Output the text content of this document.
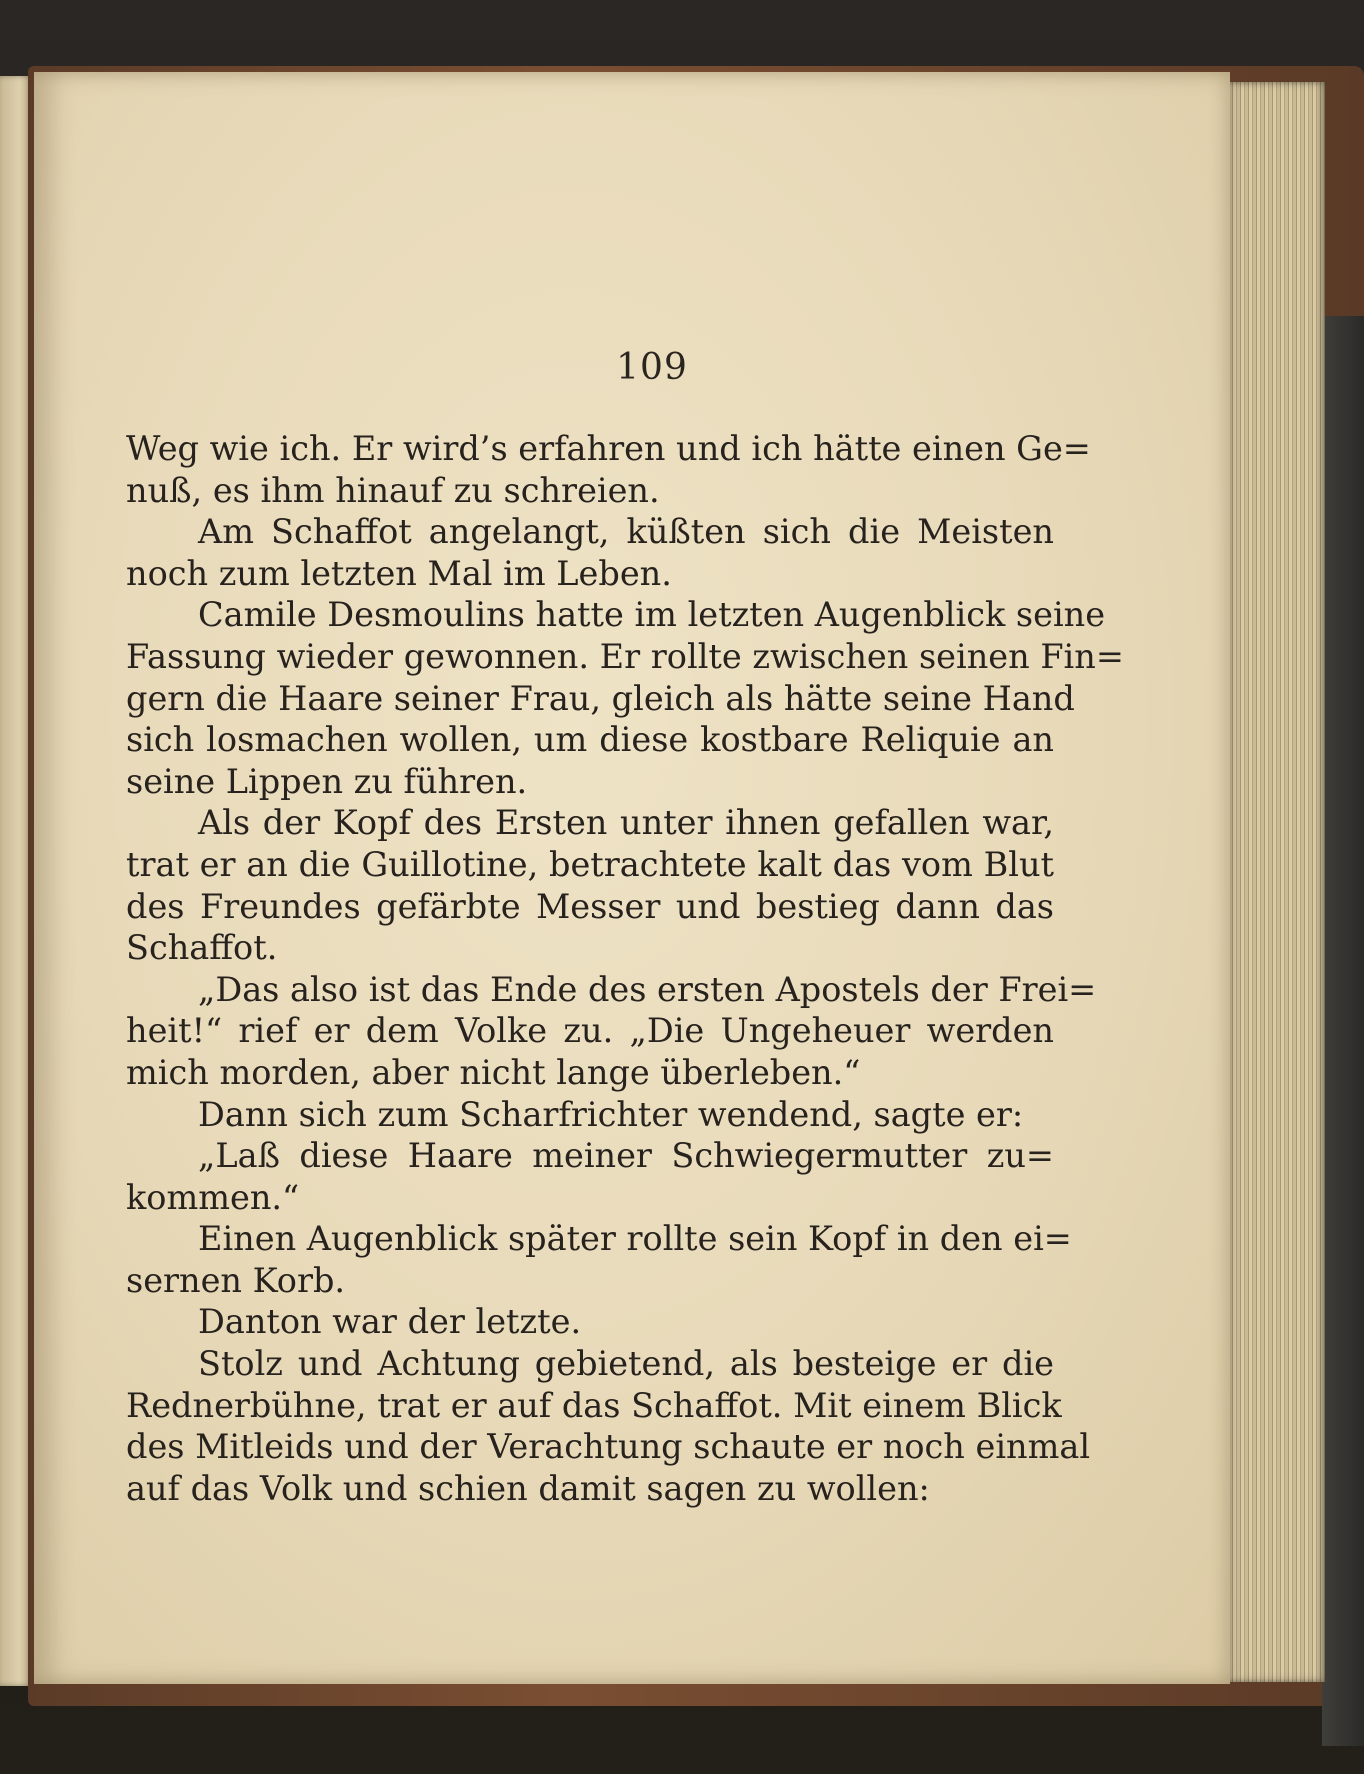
109
Weg wie ich. Er wird’s erfahren und ich hätte einen Ge=
nuß, es ihm hinauf zu schreien.
Am Schaffot angelangt, küßten sich die Meisten
noch zum letzten Mal im Leben.
Camile Desmoulins hatte im letzten Augenblick seine
Fassung wieder gewonnen. Er rollte zwischen seinen Fin=
gern die Haare seiner Frau, gleich als hätte seine Hand
sich losmachen wollen, um diese kostbare Reliquie an
seine Lippen zu führen.
Als der Kopf des Ersten unter ihnen gefallen war,
trat er an die Guillotine, betrachtete kalt das vom Blut
des Freundes gefärbte Messer und bestieg dann das
Schaffot.
„Das also ist das Ende des ersten Apostels der Frei=
heit!“ rief er dem Volke zu. „Die Ungeheuer werden
mich morden, aber nicht lange überleben.“
Dann sich zum Scharfrichter wendend, sagte er:
„Laß diese Haare meiner Schwiegermutter zu=
kommen.“
Einen Augenblick später rollte sein Kopf in den ei=
sernen Korb.
Danton war der letzte.
Stolz und Achtung gebietend, als besteige er die
Rednerbühne, trat er auf das Schaffot. Mit einem Blick
des Mitleids und der Verachtung schaute er noch einmal
auf das Volk und schien damit sagen zu wollen:
